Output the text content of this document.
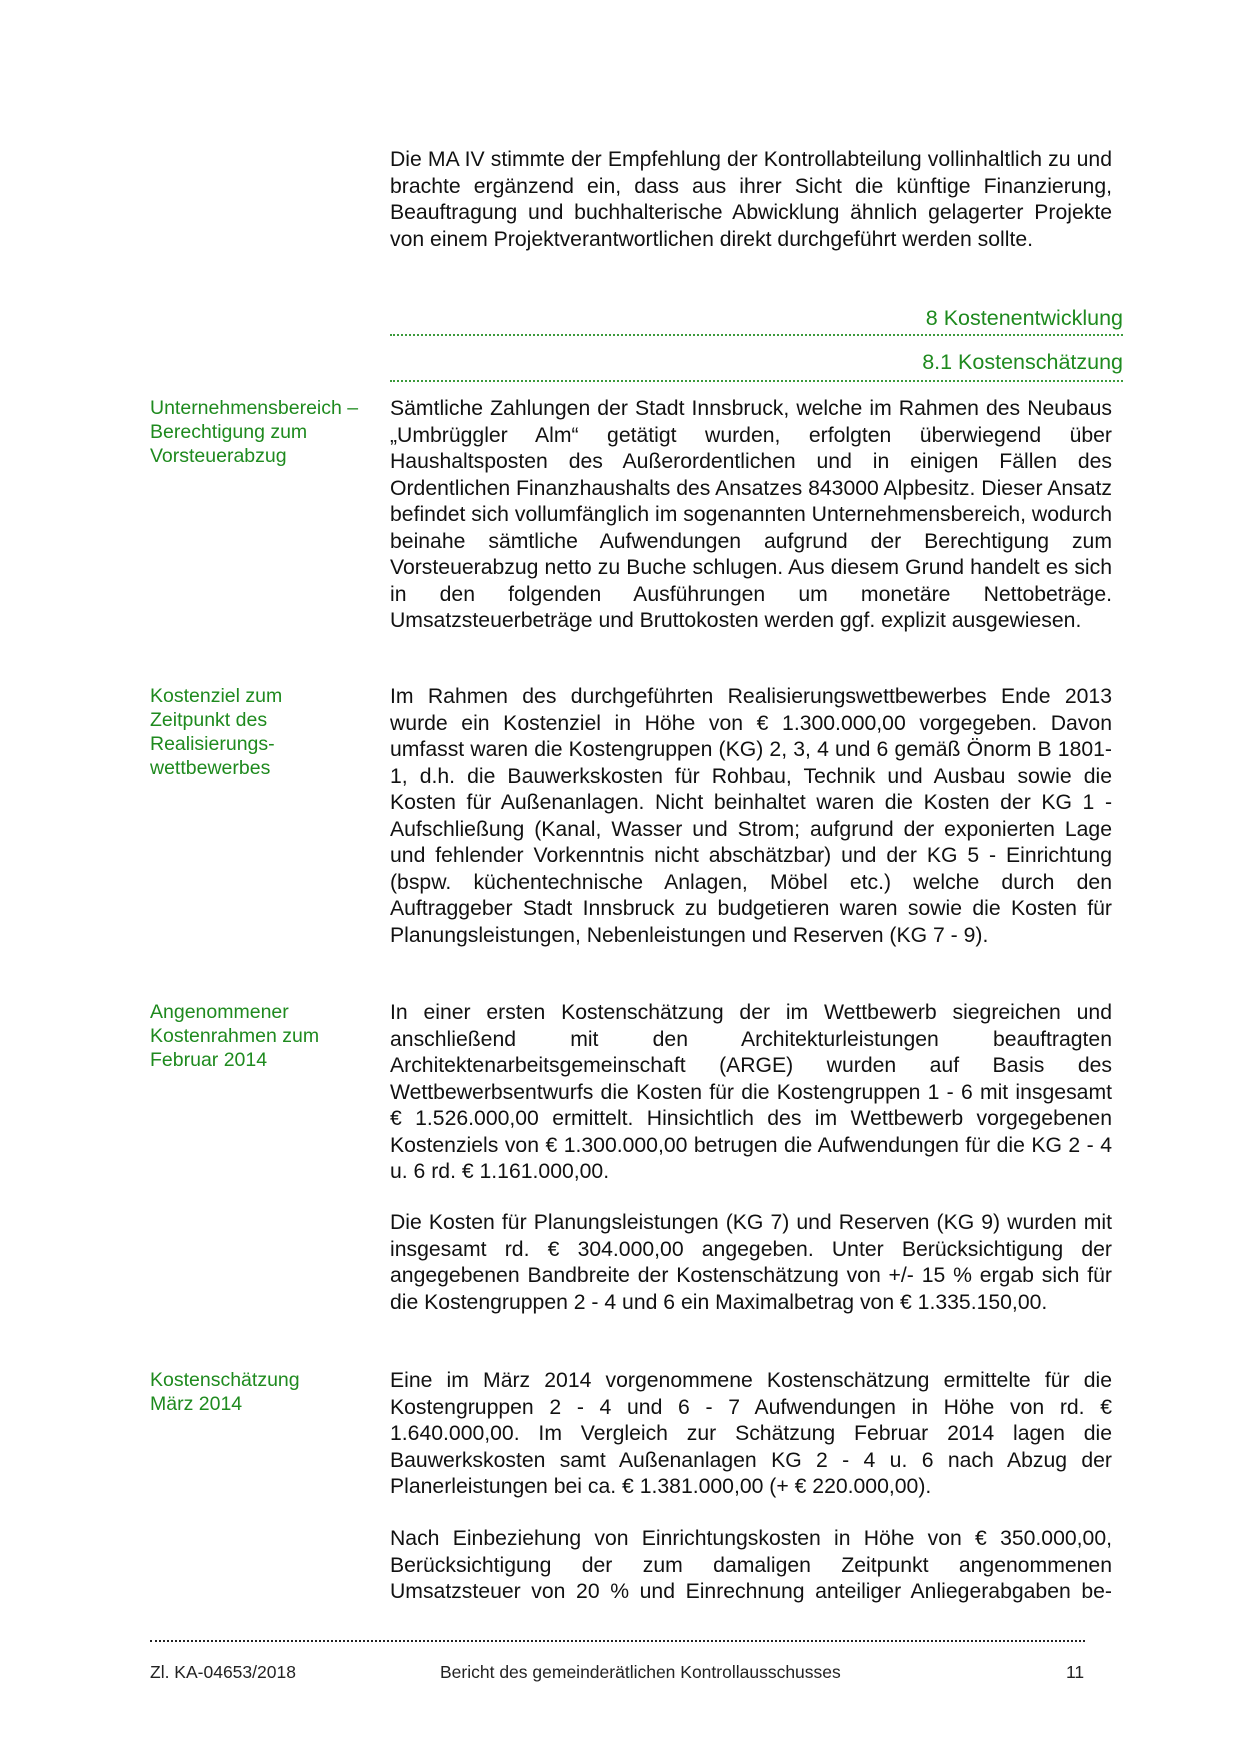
Die MA IV stimmte der Empfehlung der Kontrollabteilung vollinhaltlich zu und brachte ergänzend ein, dass aus ihrer Sicht die künftige Finanzierung, Beauftragung und buchhalterische Abwicklung ähnlich gelagerter Projekte von einem Projektverantwortlichen direkt durchgeführt werden sollte.
8 Kostenentwicklung
8.1 Kostenschätzung
Unternehmensbereich –
Berechtigung zum
Vorsteuerabzug
Kostenziel zum
Zeitpunkt des
Realisierungs-
wettbewerbes
Angenommener
Kostenrahmen zum
Februar 2014
Kostenschätzung
März 2014
Sämtliche Zahlungen der Stadt Innsbruck, welche im Rahmen des Neubaus „Umbrüggler Alm“ getätigt wurden, erfolgten überwiegend über Haushaltsposten des Außerordentlichen und in einigen Fällen des Ordentlichen Finanzhaushalts des Ansatzes 843000 Alpbesitz. Dieser Ansatz befindet sich vollumfänglich im sogenannten Unternehmensbereich, wodurch beinahe sämtliche Aufwendungen aufgrund der Berechtigung zum Vorsteuerabzug netto zu Buche schlugen. Aus diesem Grund handelt es sich in den folgenden Ausführungen um monetäre Nettobeträge. Umsatzsteuerbeträge und Bruttokosten werden ggf. explizit ausgewiesen.
Im Rahmen des durchgeführten Realisierungswettbewerbes Ende 2013 wurde ein Kostenziel in Höhe von € 1.300.000,00 vorgegeben. Davon umfasst waren die Kostengruppen (KG) 2, 3, 4 und 6 gemäß Önorm B 1801-1, d.h. die Bauwerkskosten für Rohbau, Technik und Ausbau sowie die Kosten für Außenanlagen. Nicht beinhaltet waren die Kosten der KG 1 - Aufschließung (Kanal, Wasser und Strom; aufgrund der exponierten Lage und fehlender Vorkenntnis nicht abschätzbar) und der KG 5 - Einrichtung (bspw. küchentechnische Anlagen, Möbel etc.) welche durch den Auftraggeber Stadt Innsbruck zu budgetieren waren sowie die Kosten für Planungsleistungen, Nebenleistungen und Reserven (KG 7 - 9).
In einer ersten Kostenschätzung der im Wettbewerb siegreichen und anschließend mit den Architekturleistungen beauftragten Architektenarbeitsgemeinschaft (ARGE) wurden auf Basis des Wettbewerbsentwurfs die Kosten für die Kostengruppen 1 - 6 mit insgesamt € 1.526.000,00 ermittelt. Hinsichtlich des im Wettbewerb vorgegebenen Kostenziels von € 1.300.000,00 betrugen die Aufwendungen für die KG 2 - 4 u. 6 rd. € 1.161.000,00.
Die Kosten für Planungsleistungen (KG 7) und Reserven (KG 9) wurden mit insgesamt rd. € 304.000,00 angegeben. Unter Berücksichtigung der angegebenen Bandbreite der Kostenschätzung von +/- 15 % ergab sich für die Kostengruppen 2 - 4 und 6 ein Maximalbetrag von € 1.335.150,00.
Eine im März 2014 vorgenommene Kostenschätzung ermittelte für die Kostengruppen 2 - 4 und 6 - 7 Aufwendungen in Höhe von rd. € 1.640.000,00. Im Vergleich zur Schätzung Februar 2014 lagen die Bauwerkskosten samt Außenanlagen KG 2 - 4 u. 6 nach Abzug der Planerleistungen bei ca. € 1.381.000,00 (+ € 220.000,00).
Nach Einbeziehung von Einrichtungskosten in Höhe von € 350.000,00, Berücksichtigung der zum damaligen Zeitpunkt angenommenen Umsatzsteuer von 20 % und Einrechnung anteiliger Anliegerabgaben be-
Zl. KA-04653/2018	Bericht des gemeinderätlichen Kontrollausschusses	11
